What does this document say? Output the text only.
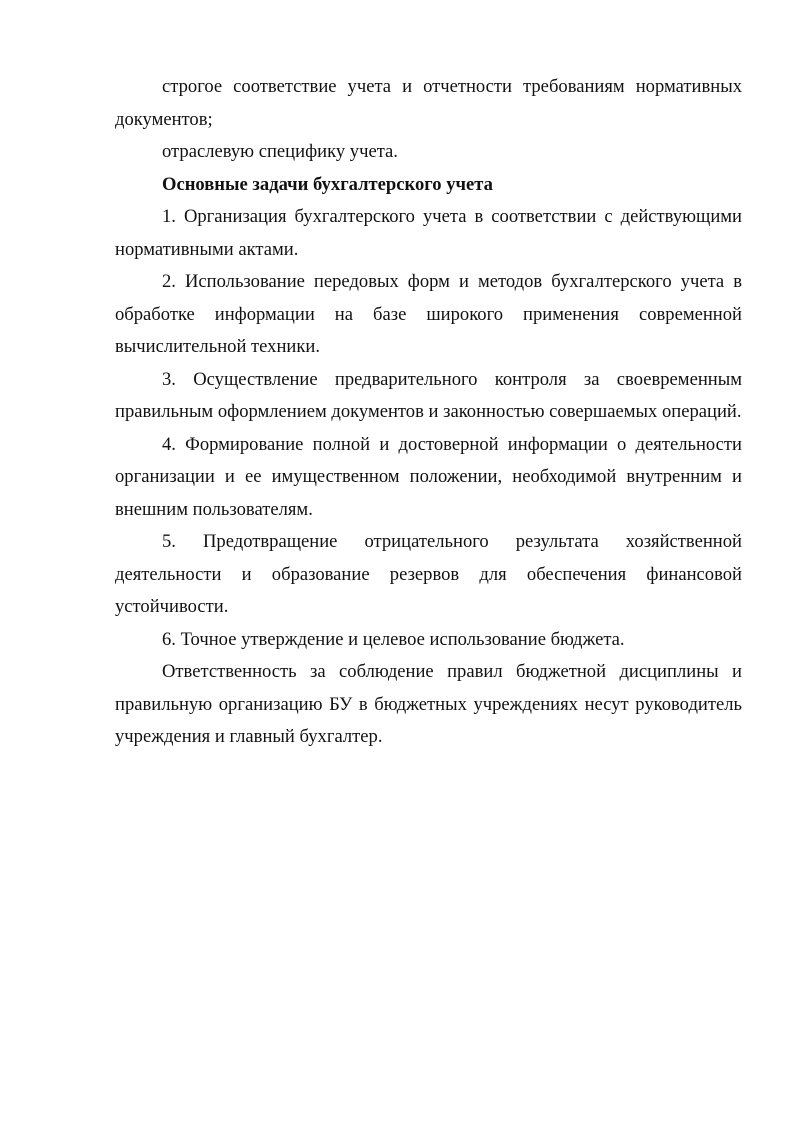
строгое соответствие учета и отчетности требованиям нормативных документов;

отраслевую специфику учета.

Основные задачи бухгалтерского учета

1. Организация бухгалтерского учета в соответствии с действующими нормативными актами.

2. Использование передовых форм и методов бухгалтерского учета в обработке информации на базе широкого применения современной вычислительной техники.

3. Осуществление предварительного контроля за своевременным правильным оформлением документов и законностью совершаемых операций.

4. Формирование полной и достоверной информации о деятельности организации и ее имущественном положении, необходимой внутренним и внешним пользователям.

5. Предотвращение отрицательного результата хозяйственной деятельности и образование резервов для обеспечения финансовой устойчивости.

6. Точное утверждение и целевое использование бюджета.

Ответственность за соблюдение правил бюджетной дисциплины и правильную организацию БУ в бюджетных учреждениях несут руководитель учреждения и главный бухгалтер.
